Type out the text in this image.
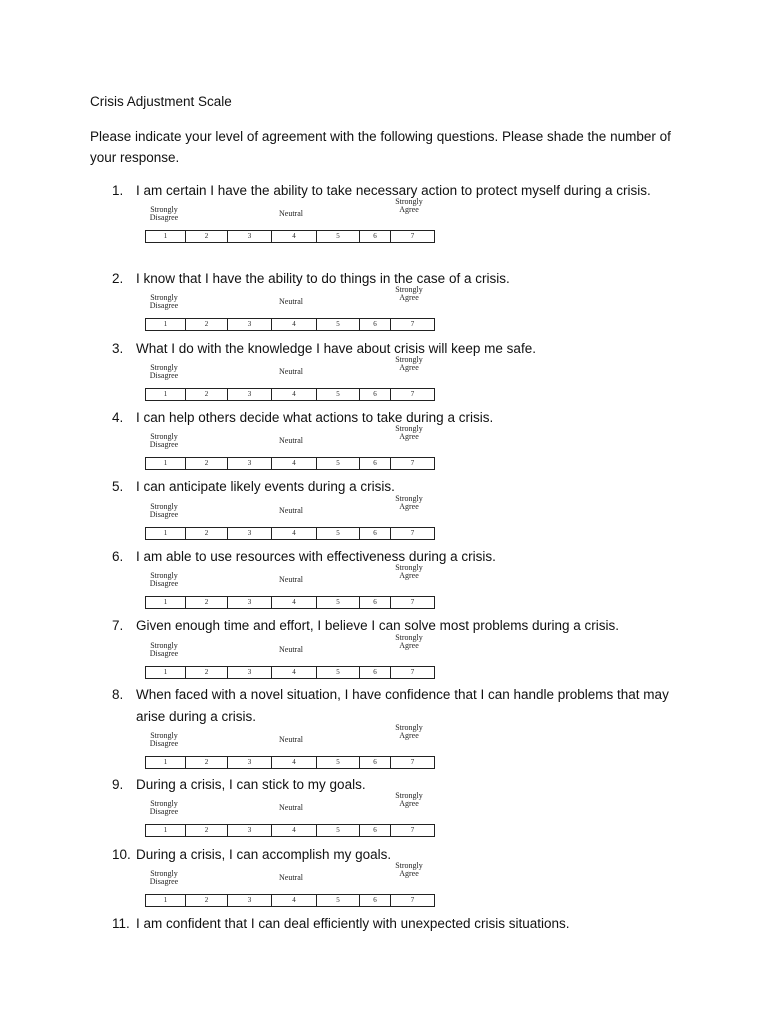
Crisis Adjustment Scale
Please indicate your level of agreement with the following questions. Please shade the number of your response.
1. I am certain I have the ability to take necessary action to protect myself during a crisis.
Strongly
Disagree	Neutral
Strongly
Agree
1	2	3	4	5	6	7
2. I know that I have the ability to do things in the case of a crisis.
Strongly
Disagree	Neutral
Strongly
Agree
1	2	3	4	5	6	7
3. What I do with the knowledge I have about crisis will keep me safe.
Strongly
Disagree	Neutral
Strongly
Agree
1	2	3	4	5	6	7
4. I can help others decide what actions to take during a crisis.
Strongly
Disagree	Neutral
Strongly
Agree
1	2	3	4	5	6	7
5. I can anticipate likely events during a crisis.
Strongly
Disagree	Neutral
Strongly
Agree
1	2	3	4	5	6	7
6. I am able to use resources with effectiveness during a crisis.
Strongly
Disagree	Neutral
Strongly
Agree
1	2	3	4	5	6	7
7. Given enough time and effort, I believe I can solve most problems during a crisis.
Strongly
Disagree	Neutral
Strongly
Agree
1	2	3	4	5	6	7
8. When faced with a novel situation, I have confidence that I can handle problems that may arise during a crisis.
Strongly
Disagree	Neutral
Strongly
Agree
1	2	3	4	5	6	7
9. During a crisis, I can stick to my goals.
Strongly
Disagree	Neutral
Strongly
Agree
1	2	3	4	5	6	7
10. During a crisis, I can accomplish my goals.
Strongly
Disagree	Neutral
Strongly
Agree
1	2	3	4	5	6	7
11. I am confident that I can deal efficiently with unexpected crisis situations.
